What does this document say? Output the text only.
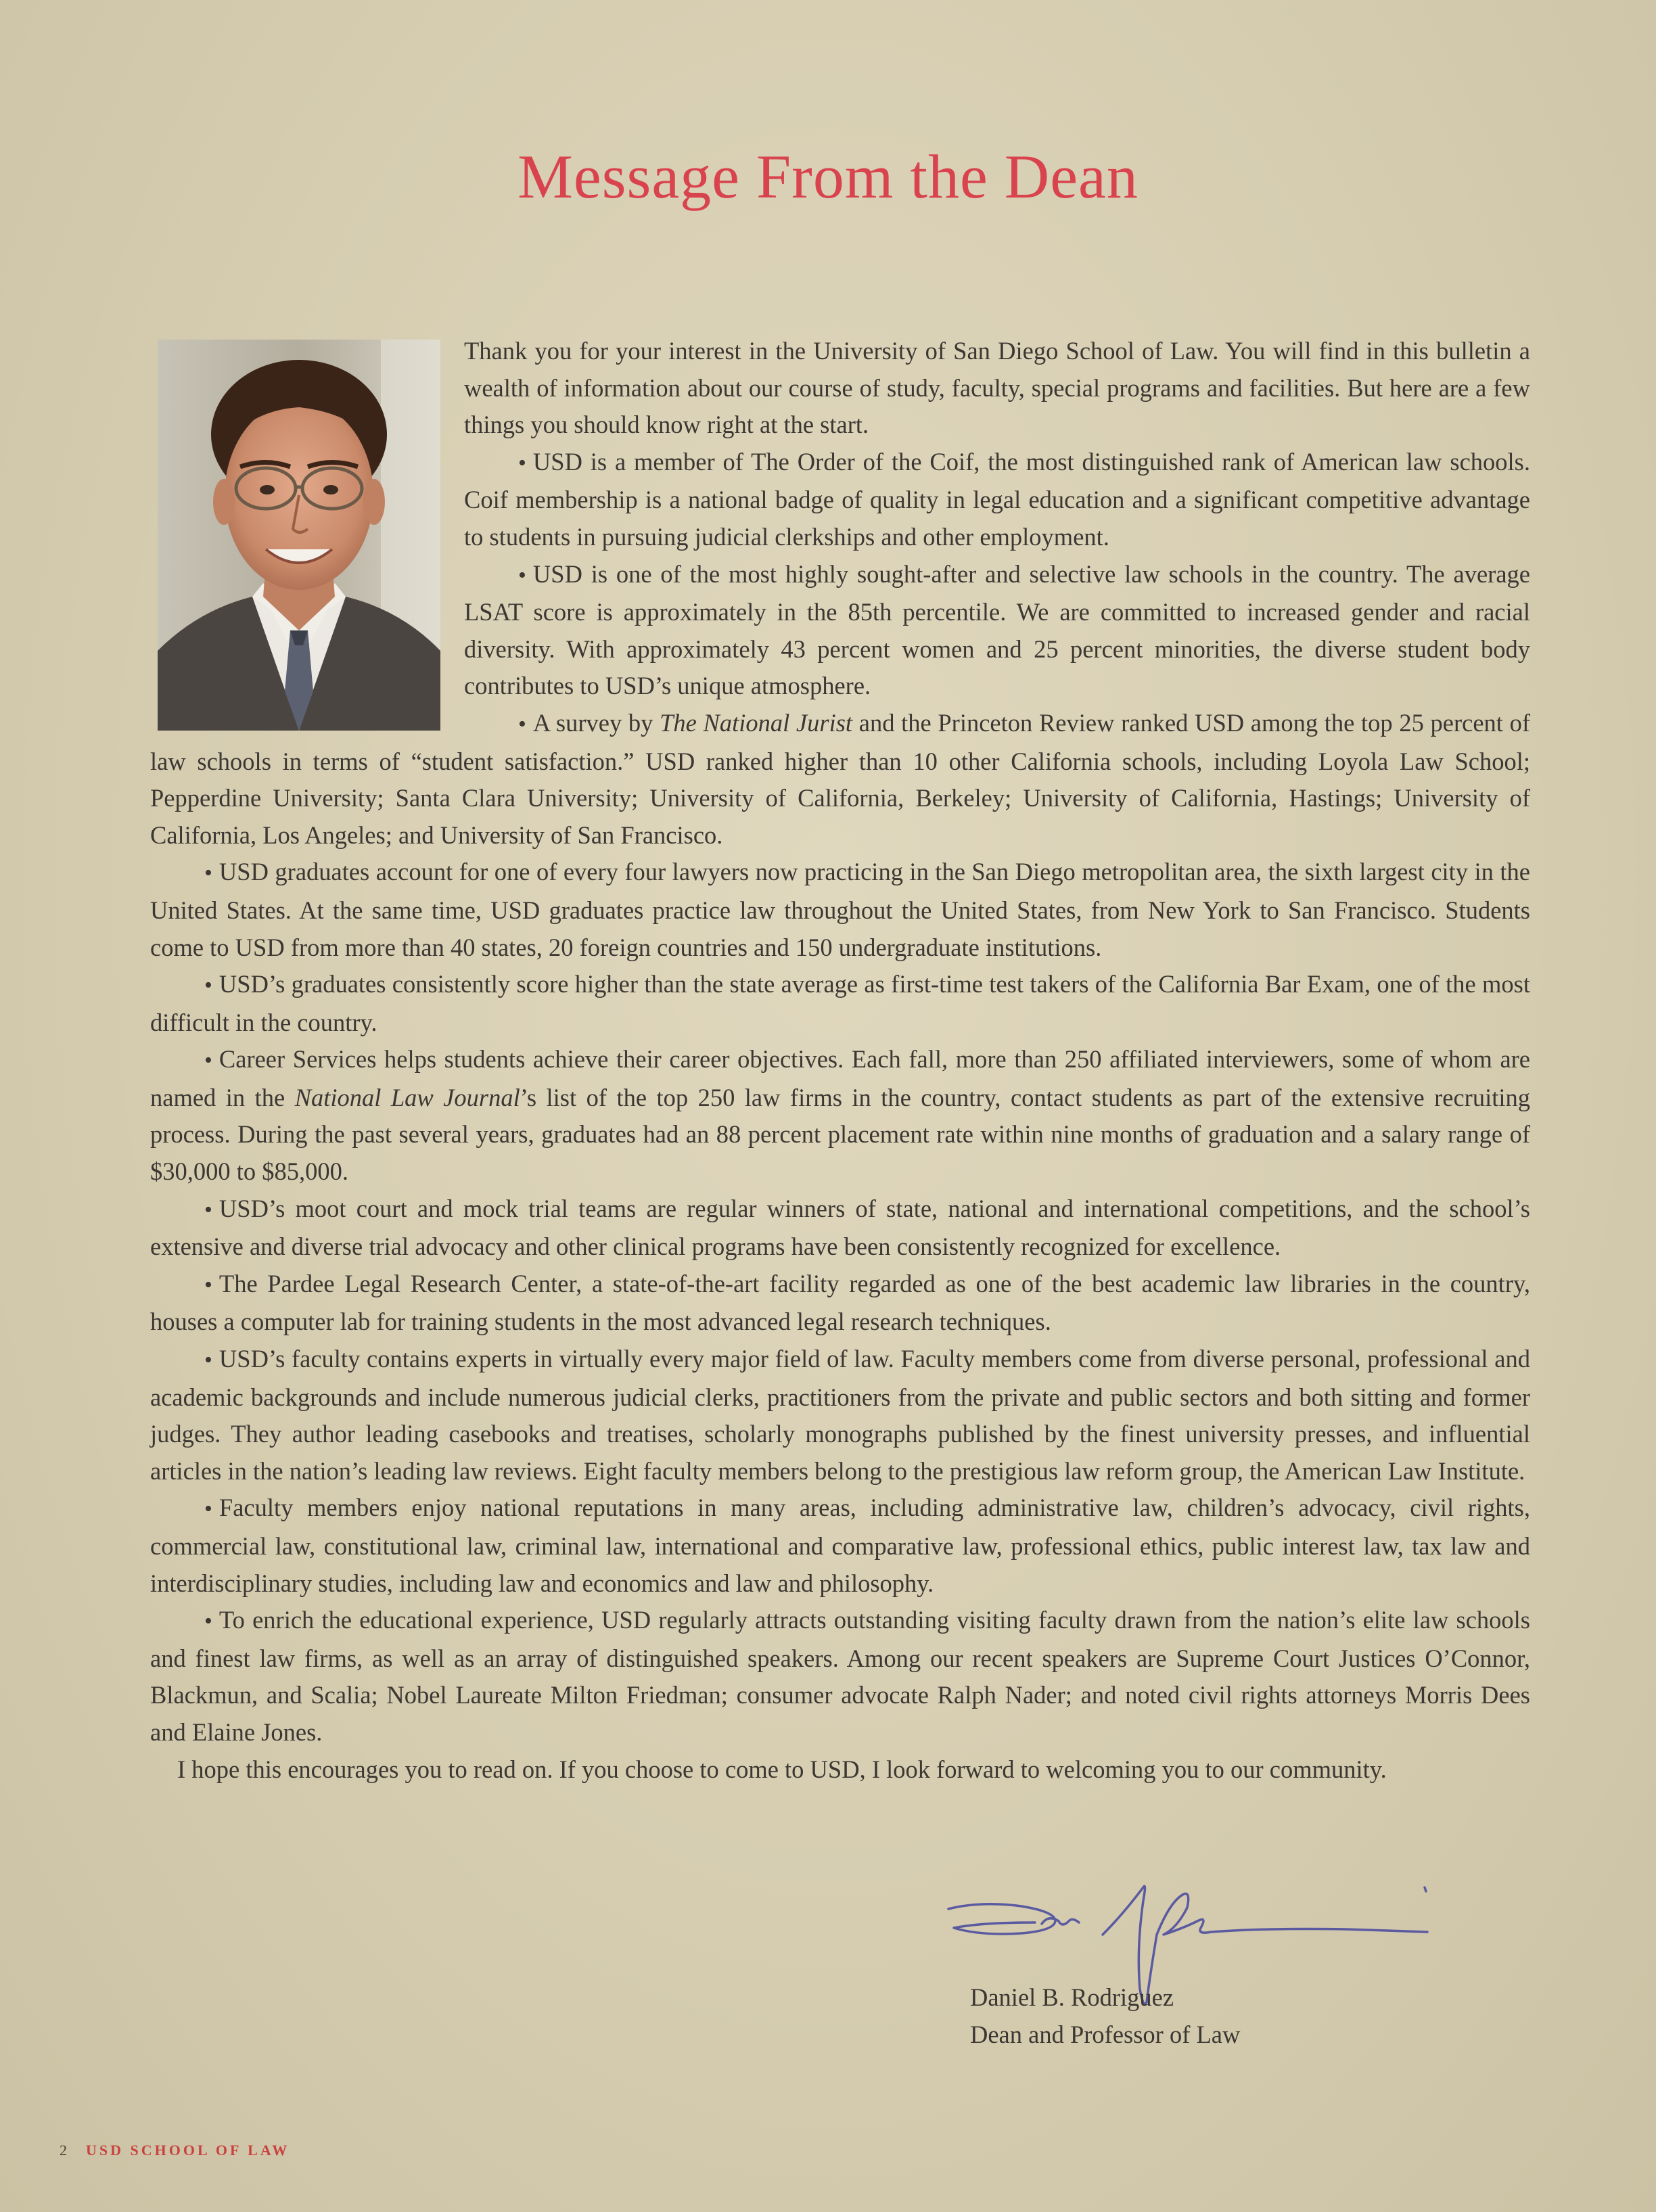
Message From the Dean

Thank you for your interest in the University of San Diego School of Law. You will find in this bulletin a wealth of information about our course of study, faculty, special programs and facilities. But here are a few things you should know right at the start.

• USD is a member of The Order of the Coif, the most distinguished rank of American law schools. Coif membership is a national badge of quality in legal education and a significant competitive advantage to students in pursuing judicial clerkships and other employment.

• USD is one of the most highly sought-after and selective law schools in the country. The average LSAT score is approximately in the 85th percentile. We are committed to increased gender and racial diversity. With approximately 43 percent women and 25 percent minorities, the diverse student body contributes to USD’s unique atmosphere.

• A survey by The National Jurist and the Princeton Review ranked USD among the top 25 percent of law schools in terms of “student satisfaction.” USD ranked higher than 10 other California schools, including Loyola Law School; Pepperdine University; Santa Clara University; University of California, Berkeley; University of California, Hastings; University of California, Los Angeles; and University of San Francisco.

• USD graduates account for one of every four lawyers now practicing in the San Diego metropolitan area, the sixth largest city in the United States. At the same time, USD graduates practice law throughout the United States, from New York to San Francisco. Students come to USD from more than 40 states, 20 foreign countries and 150 undergraduate institutions.

• USD’s graduates consistently score higher than the state average as first-time test takers of the California Bar Exam, one of the most difficult in the country.

• Career Services helps students achieve their career objectives. Each fall, more than 250 affiliated interviewers, some of whom are named in the National Law Journal’s list of the top 250 law firms in the country, contact students as part of the extensive recruiting process. During the past several years, graduates had an 88 percent placement rate within nine months of graduation and a salary range of $30,000 to $85,000.

• USD’s moot court and mock trial teams are regular winners of state, national and international competitions, and the school’s extensive and diverse trial advocacy and other clinical programs have been consistently recognized for excellence.

• The Pardee Legal Research Center, a state-of-the-art facility regarded as one of the best academic law libraries in the country, houses a computer lab for training students in the most advanced legal research techniques.

• USD’s faculty contains experts in virtually every major field of law. Faculty members come from diverse personal, professional and academic backgrounds and include numerous judicial clerks, practitioners from the private and public sectors and both sitting and former judges. They author leading casebooks and treatises, scholarly monographs published by the finest university presses, and influential articles in the nation’s leading law reviews. Eight faculty members belong to the prestigious law reform group, the American Law Institute.

• Faculty members enjoy national reputations in many areas, including administrative law, children’s advocacy, civil rights, commercial law, constitutional law, criminal law, international and comparative law, professional ethics, public interest law, tax law and interdisciplinary studies, including law and economics and law and philosophy.

• To enrich the educational experience, USD regularly attracts outstanding visiting faculty drawn from the nation’s elite law schools and finest law firms, as well as an array of distinguished speakers. Among our recent speakers are Supreme Court Justices O’Connor, Blackmun, and Scalia; Nobel Laureate Milton Friedman; consumer advocate Ralph Nader; and noted civil rights attorneys Morris Dees and Elaine Jones.

I hope this encourages you to read on. If you choose to come to USD, I look forward to welcoming you to our community.

Daniel B. Rodriguez
Dean and Professor of Law
2 USD SCHOOL OF LAW
